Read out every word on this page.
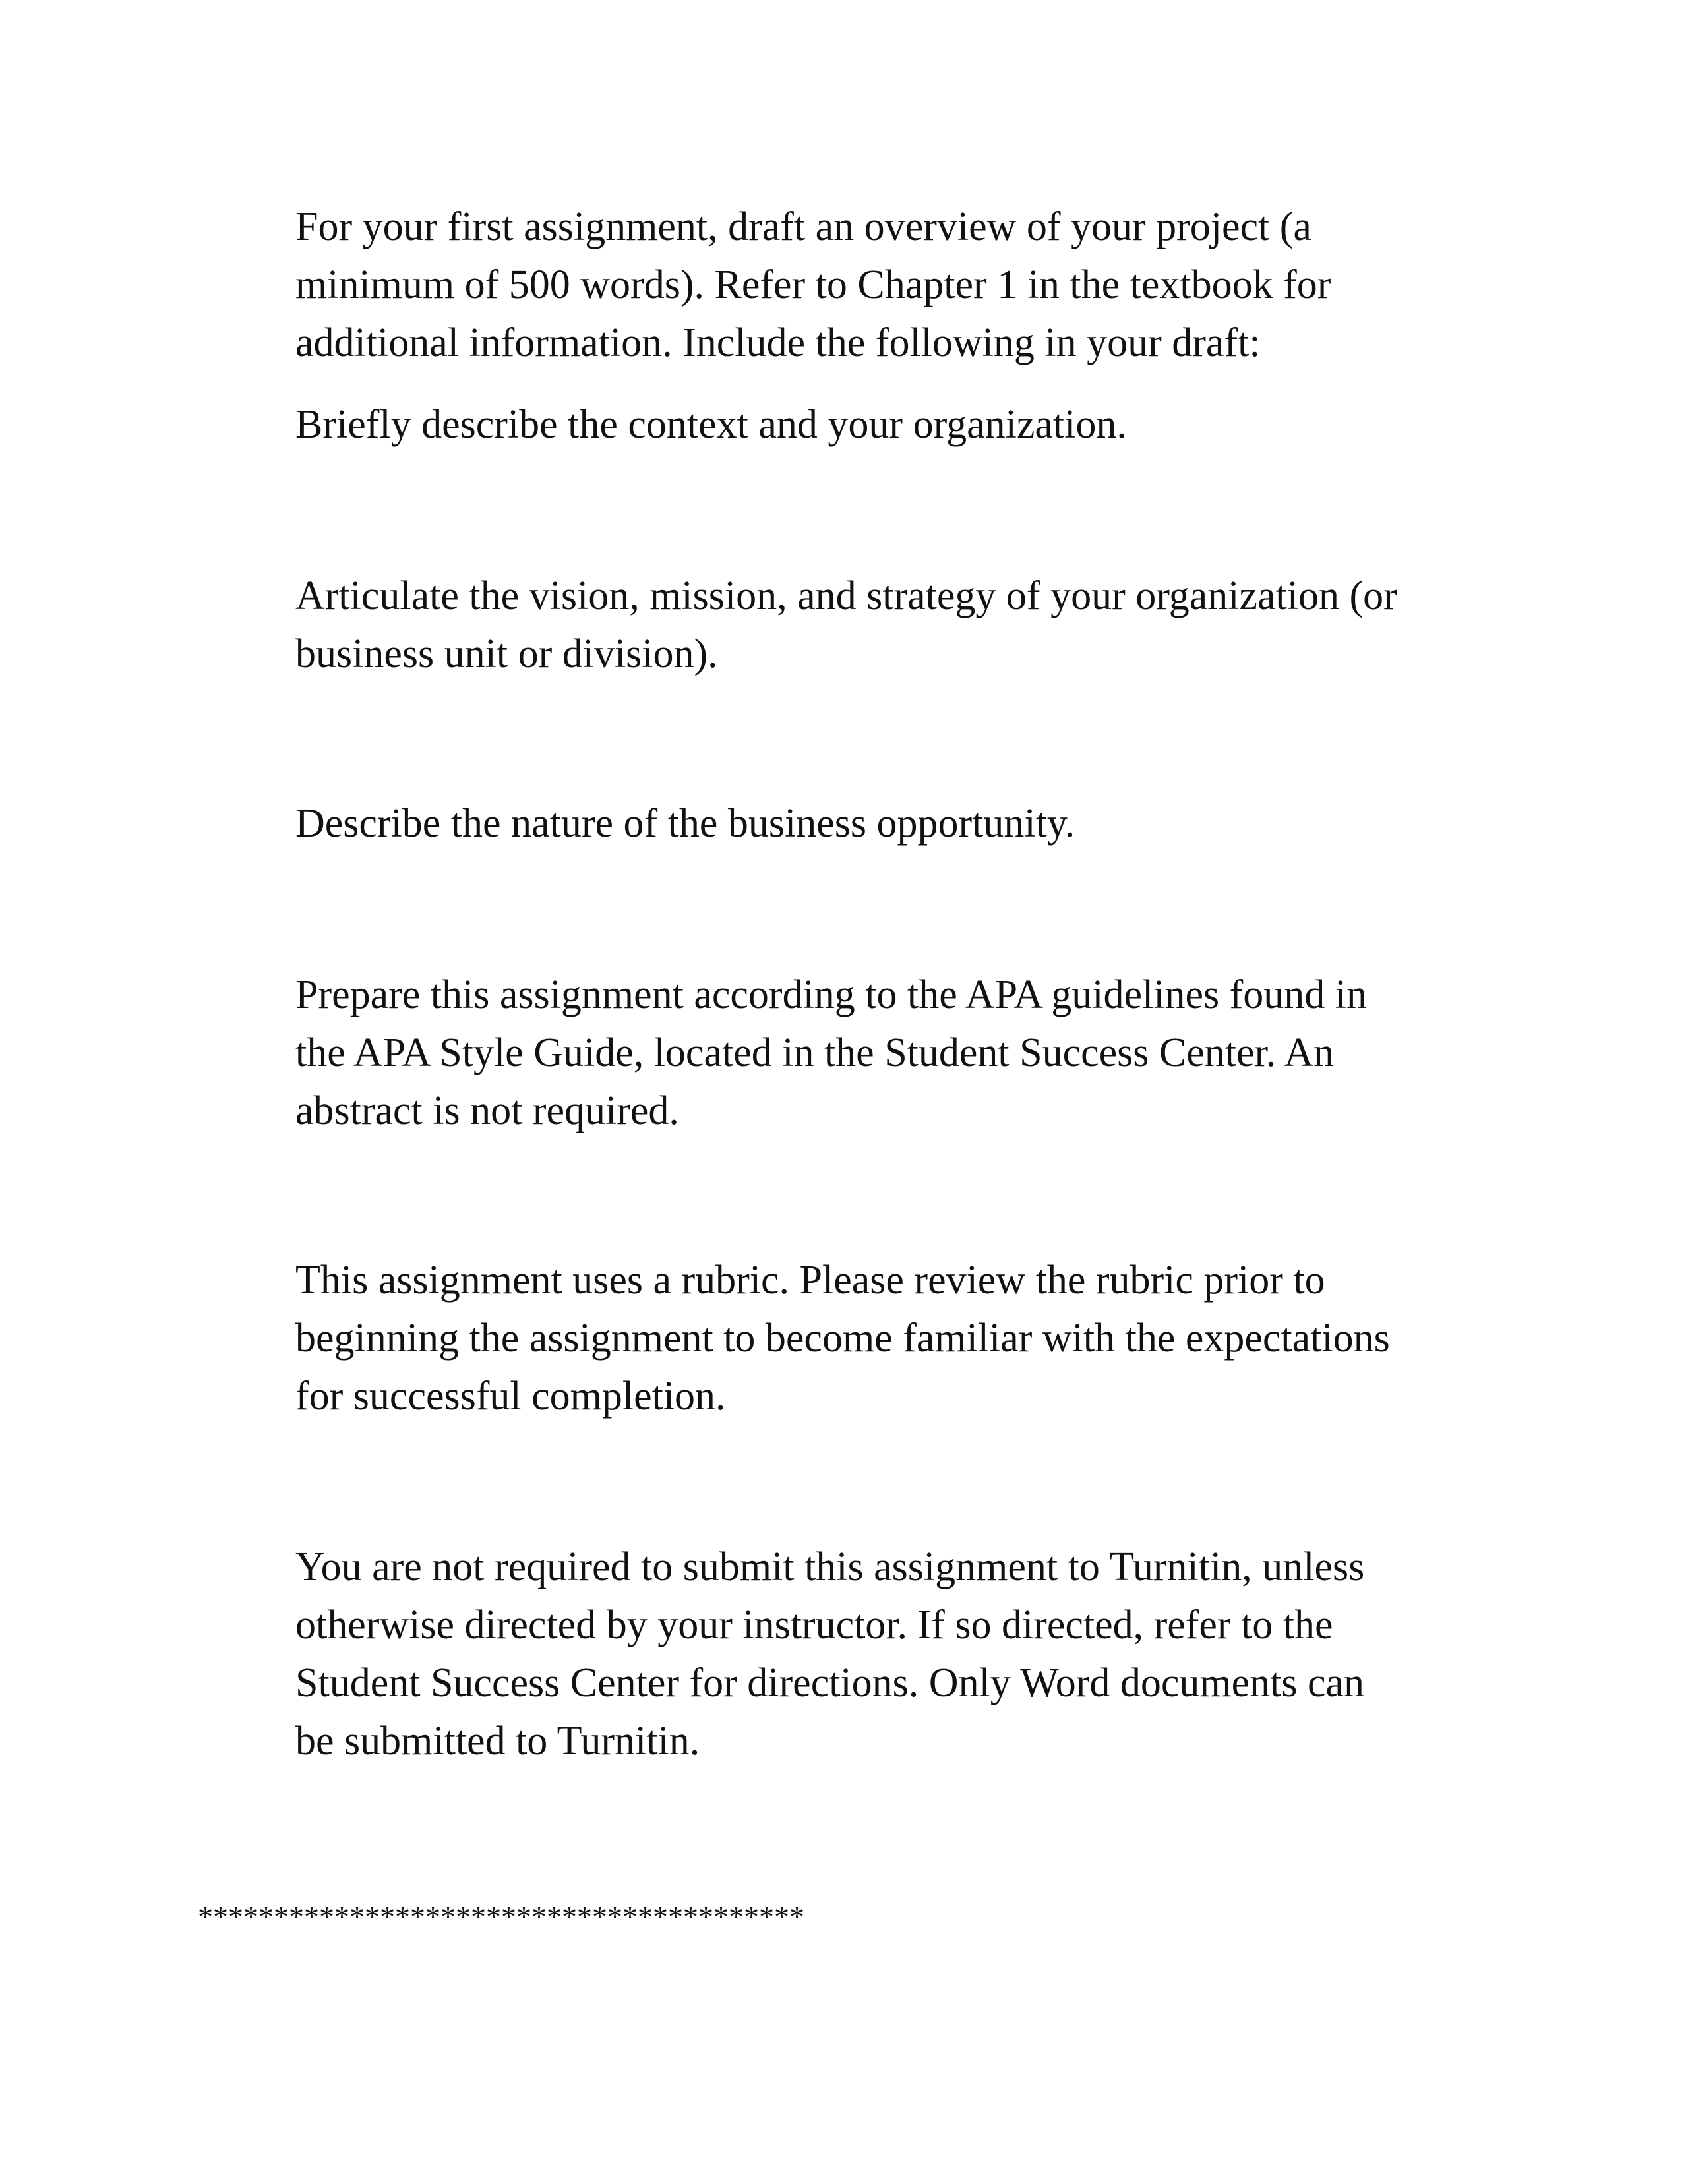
For your first assignment, draft an overview of your project (a
minimum of 500 words). Refer to Chapter 1 in the textbook for
additional information. Include the following in your draft:

Briefly describe the context and your organization.

Articulate the vision, mission, and strategy of your organization (or
business unit or division).

Describe the nature of the business opportunity.

Prepare this assignment according to the APA guidelines found in
the APA Style Guide, located in the Student Success Center. An
abstract is not required.

This assignment uses a rubric. Please review the rubric prior to
beginning the assignment to become familiar with the expectations
for successful completion.

You are not required to submit this assignment to Turnitin, unless
otherwise directed by your instructor. If so directed, refer to the
Student Success Center for directions. Only Word documents can
be submitted to Turnitin.

****************************************
